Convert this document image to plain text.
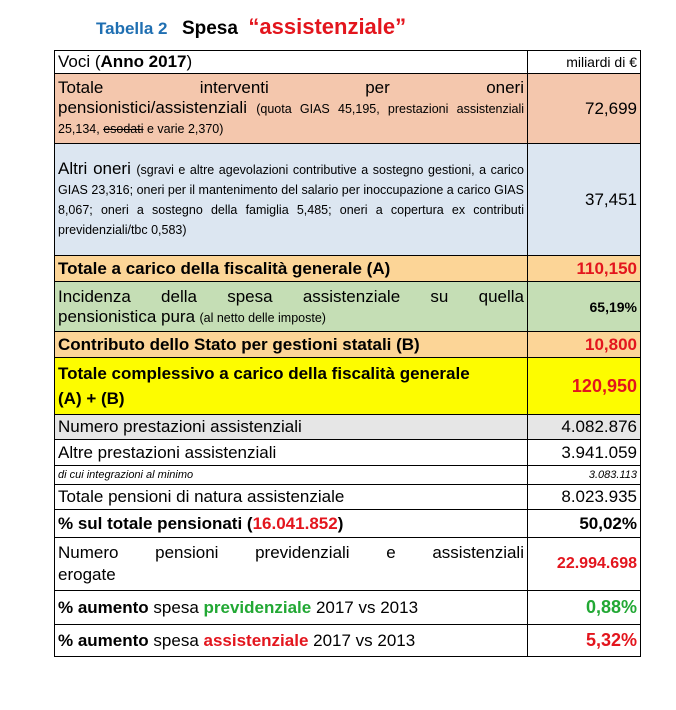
Tabella 2 Spesa “assistenziale”
Voci (Anno 2017)	miliardi di €

Totale interventi per oneri
pensionistici/assistenziali (quota GIAS 45,195, prestazioni assistenziali 25,134, esodati e varie 2,370)	72,699
Altri oneri (sgravi e altre agevolazioni contributive a sostegno gestioni, a carico GIAS 23,316; oneri per il mantenimento del salario per inoccupazione a carico GIAS 8,067; oneri a sostegno della famiglia 5,485; oneri a copertura ex contributi previdenziali/tbc 0,583)	37,451
Totale a carico della fiscalità generale (A)	110,150

Incidenza della spesa assistenziale su quella
pensionistica pura (al netto delle imposte)	65,19%
Contributo dello Stato per gestioni statali (B)	10,800

Totale complessivo a carico della fiscalità generale
(A) + (B)	120,950
Numero prestazioni assistenziali	4.082.876
Altre prestazioni assistenziali	3.941.059
di cui integrazioni al minimo	3.083.113
Totale pensioni di natura assistenziale	8.023.935
% sul totale pensionati (16.041.852)	50,02%

Numero pensioni previdenziali e assistenziali
erogate	22.994.698
% aumento spesa previdenziale 2017 vs 2013	0,88%
% aumento spesa assistenziale 2017 vs 2013	5,32%
